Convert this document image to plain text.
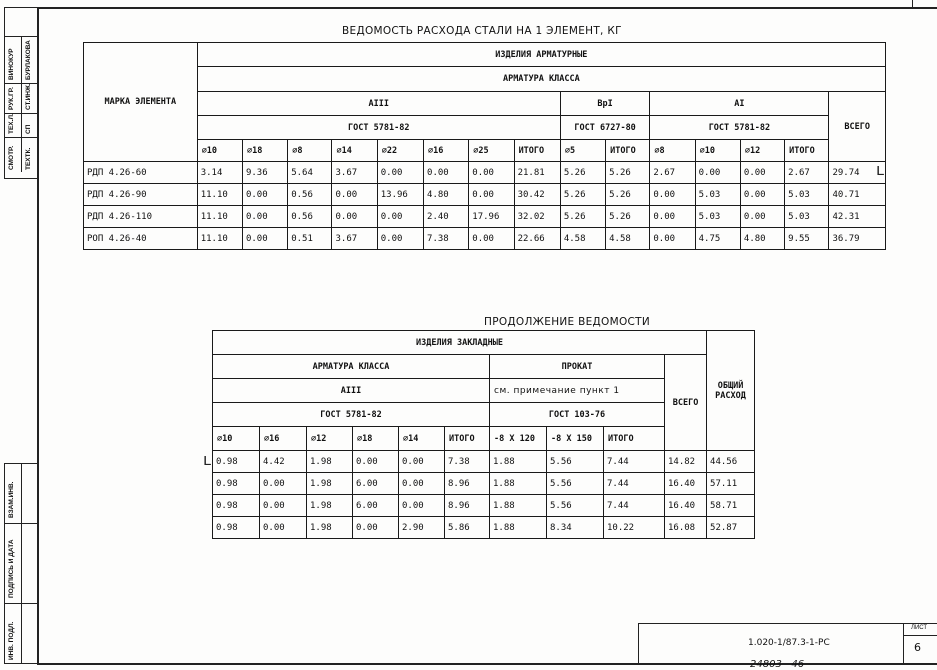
ВИНОКУР БУРЛАКОВА
РУК.ГР. СТ.ИНЖ.
ТЕХ.Л. СП
СМОТР. ТЕХТК.
ВЗАМ.ИНВ.
ПОДПИСЬ И ДАТА
ИНВ. ПОДЛ.
ВЕДОМОСТЬ РАСХОДА СТАЛИ НА 1 ЭЛЕМЕНТ, КГ
МАРКА ЭЛЕМЕНТА	ИЗДЕЛИЯ АРМАТУРНЫЕ														
	АРМАТУРА КЛАССА														
	АIII								ВрI		АI				ВСЕГО
	ГОСТ 5781-82								ГОСТ 6727-80		ГОСТ 5781-82				
	⌀10	⌀18	⌀8	⌀14	⌀22	⌀16	⌀25	ИТОГО	⌀5	ИТОГО	⌀8	⌀10	⌀12	ИТОГО	
РДП 4.26-60	3.14	9.36	5.64	3.67	0.00	0.00	0.00	21.81	5.26	5.26	2.67	0.00	0.00	2.67	29.74
РДП 4.26-90	11.10	0.00	0.56	0.00	13.96	4.80	0.00	30.42	5.26	5.26	0.00	5.03	0.00	5.03	40.71
РДП 4.26-110	11.10	0.00	0.56	0.00	0.00	2.40	17.96	32.02	5.26	5.26	0.00	5.03	0.00	5.03	42.31
РОП 4.26-40	11.10	0.00	0.51	3.67	0.00	7.38	0.00	22.66	4.58	4.58	0.00	4.75	4.80	9.55	36.79
ПРОДОЛЖЕНИЕ ВЕДОМОСТИ
ИЗДЕЛИЯ ЗАКЛАДНЫЕ										ОБЩИЙ
РАСХОД

АРМАТУРА КЛАССА						ПРОКАТ			ВСЕГО	
АIII						см. примечание пункт 1				
ГОСТ 5781-82						ГОСТ 103-76				
⌀10	⌀16	⌀12	⌀18	⌀14	ИТОГО	-8 Х 120	-8 Х 150	ИТОГО		
0.98	4.42	1.98	0.00	0.00	7.38	1.88	5.56	7.44	14.82	44.56
0.98	0.00	1.98	6.00	0.00	8.96	1.88	5.56	7.44	16.40	57.11
0.98	0.00	1.98	6.00	0.00	8.96	1.88	5.56	7.44	16.40	58.71
0.98	0.00	1.98	0.00	2.90	5.86	1.88	8.34	10.22	16.08	52.87
ʟ
ʟ
1.020-1/87.3-1-РС
ЛИСТ
6
24803   46
